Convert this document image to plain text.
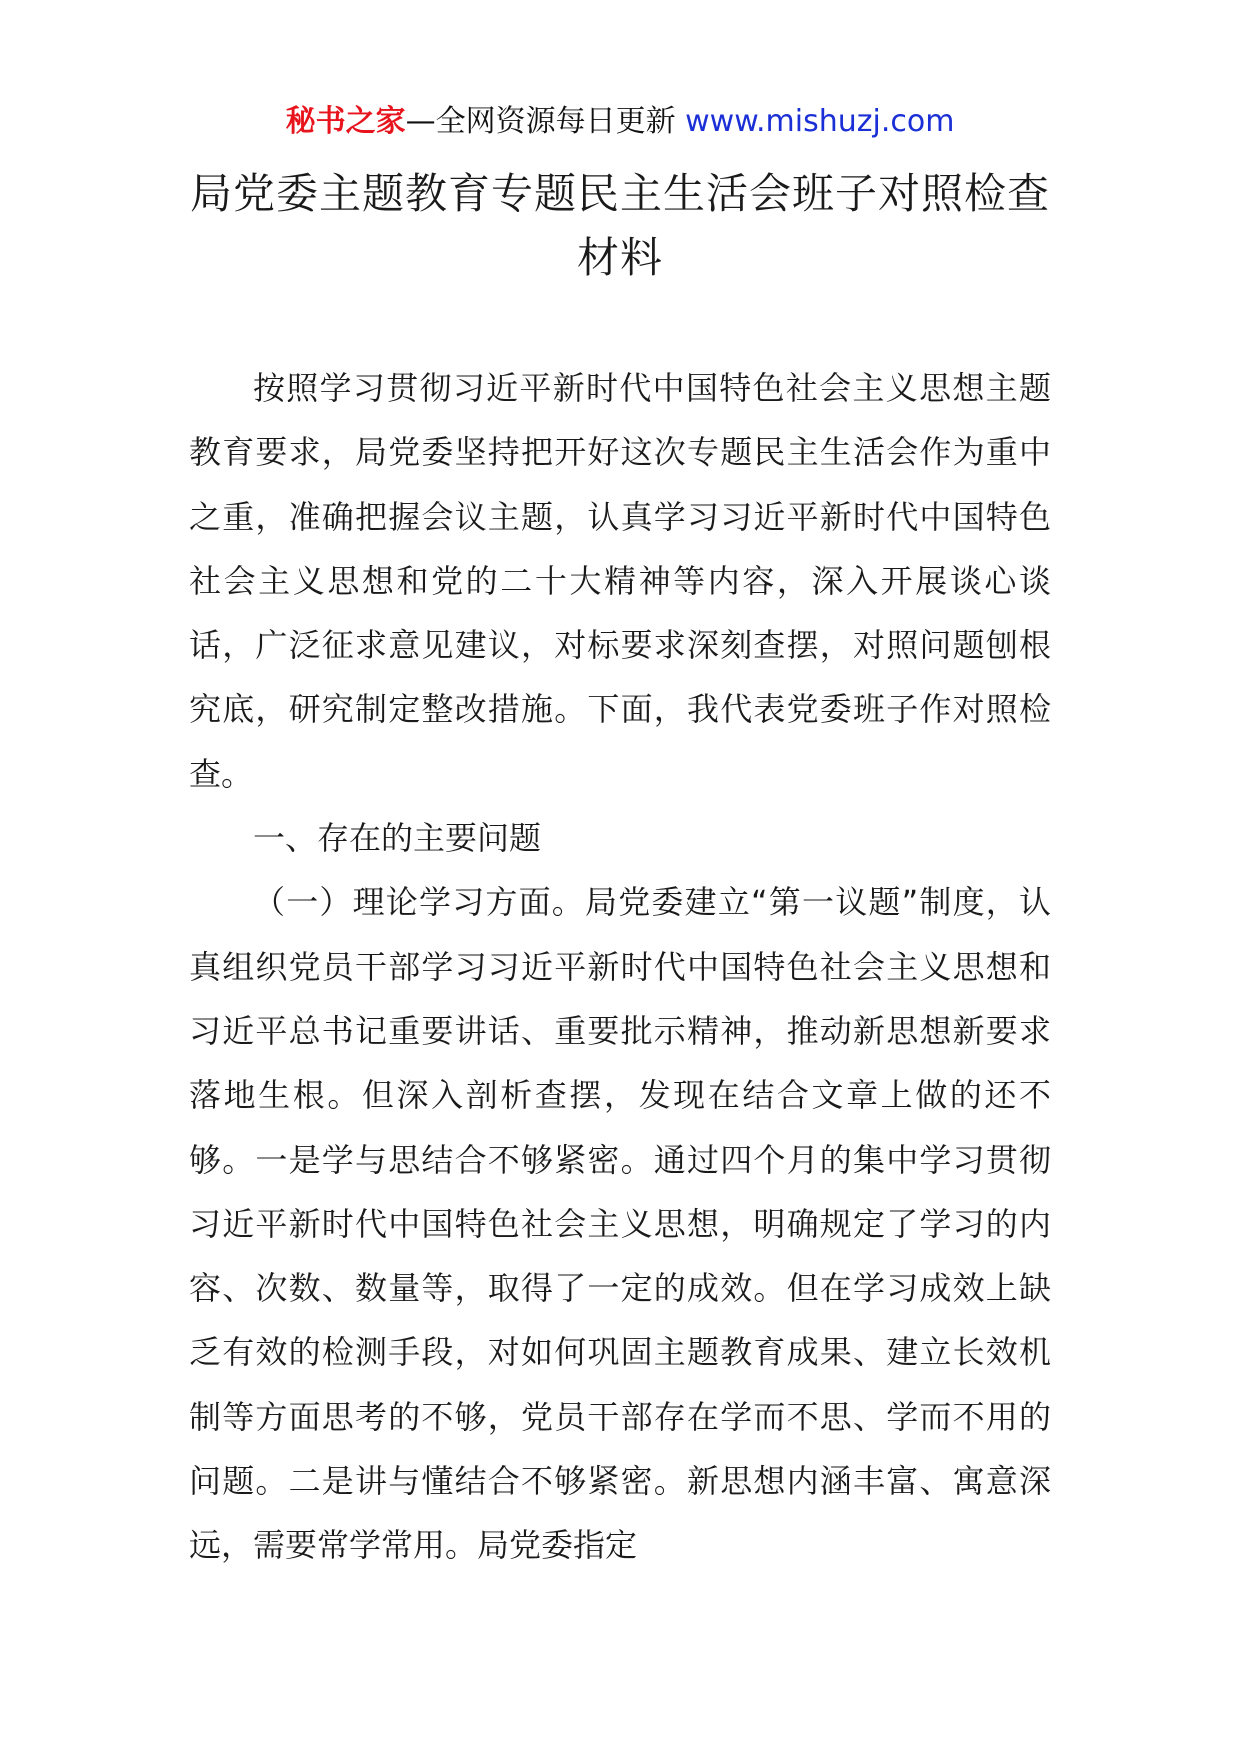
秘书之家—全网资源每日更新 www.mishuzj.com
局党委主题教育专题民主生活会班子对照检查材料

按照学习贯彻习近平新时代中国特色社会主义思想主题教育要求，局党委坚持把开好这次专题民主生活会作为重中之重，准确把握会议主题，认真学习习近平新时代中国特色社会主义思想和党的二十大精神等内容，深入开展谈心谈话，广泛征求意见建议，对标要求深刻查摆，对照问题刨根究底，研究制定整改措施。下面，我代表党委班子作对照检查。

一、存在的主要问题

（一）理论学习方面。局党委建立“第一议题”制度，认真组织党员干部学习习近平新时代中国特色社会主义思想和习近平总书记重要讲话、重要批示精神，推动新思想新要求落地生根。但深入剖析查摆，发现在结合文章上做的还不够。一是学与思结合不够紧密。通过四个月的集中学习贯彻习近平新时代中国特色社会主义思想，明确规定了学习的内容、次数、数量等，取得了一定的成效。但在学习成效上缺乏有效的检测手段，对如何巩固主题教育成果、建立长效机制等方面思考的不够，党员干部存在学而不思、学而不用的问题。二是讲与懂结合不够紧密。新思想内涵丰富、寓意深远，需要常学常用。局党委指定
